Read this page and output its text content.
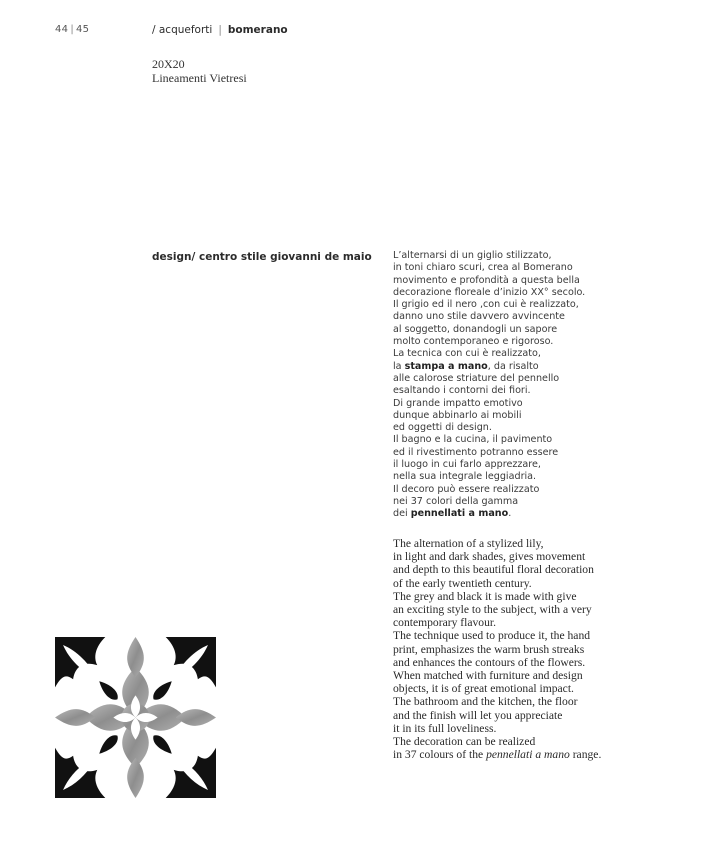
44 | 45	/ acqueforti | bomerano
20X20
Lineamenti Vietresi
design/ centro stile giovanni de maio L’alternarsi di un giglio stilizzato,
in toni chiaro scuri, crea al Bomerano
movimento e profondità a questa bella
decorazione floreale d’inizio XX° secolo.
Il grigio ed il nero ,con cui è realizzato,
danno uno stile davvero avvincente
al soggetto, donandogli un sapore
molto contemporaneo e rigoroso.
La tecnica con cui è realizzato,
la stampa a mano, da risalto
alle calorose striature del pennello
esaltando i contorni dei fiori.
Di grande impatto emotivo
dunque abbinarlo ai mobili
ed oggetti di design.
Il bagno e la cucina, il pavimento
ed il rivestimento potranno essere
il luogo in cui farlo apprezzare,
nella sua integrale leggiadria.
Il decoro può essere realizzato
nei 37 colori della gamma
dei pennellati a mano.
The alternation of a stylized lily,
in light and dark shades, gives movement
and depth to this beautiful floral decoration
of the early twentieth century.
The grey and black it is made with give
an exciting style to the subject, with a very
contemporary flavour.
The technique used to produce it, the hand
print, emphasizes the warm brush streaks
and enhances the contours of the flowers.
When matched with furniture and design
objects, it is of great emotional impact.
The bathroom and the kitchen, the floor
and the finish will let you appreciate
it in its full loveliness.
The decoration can be realized
in 37 colours of the pennellati a mano range.
